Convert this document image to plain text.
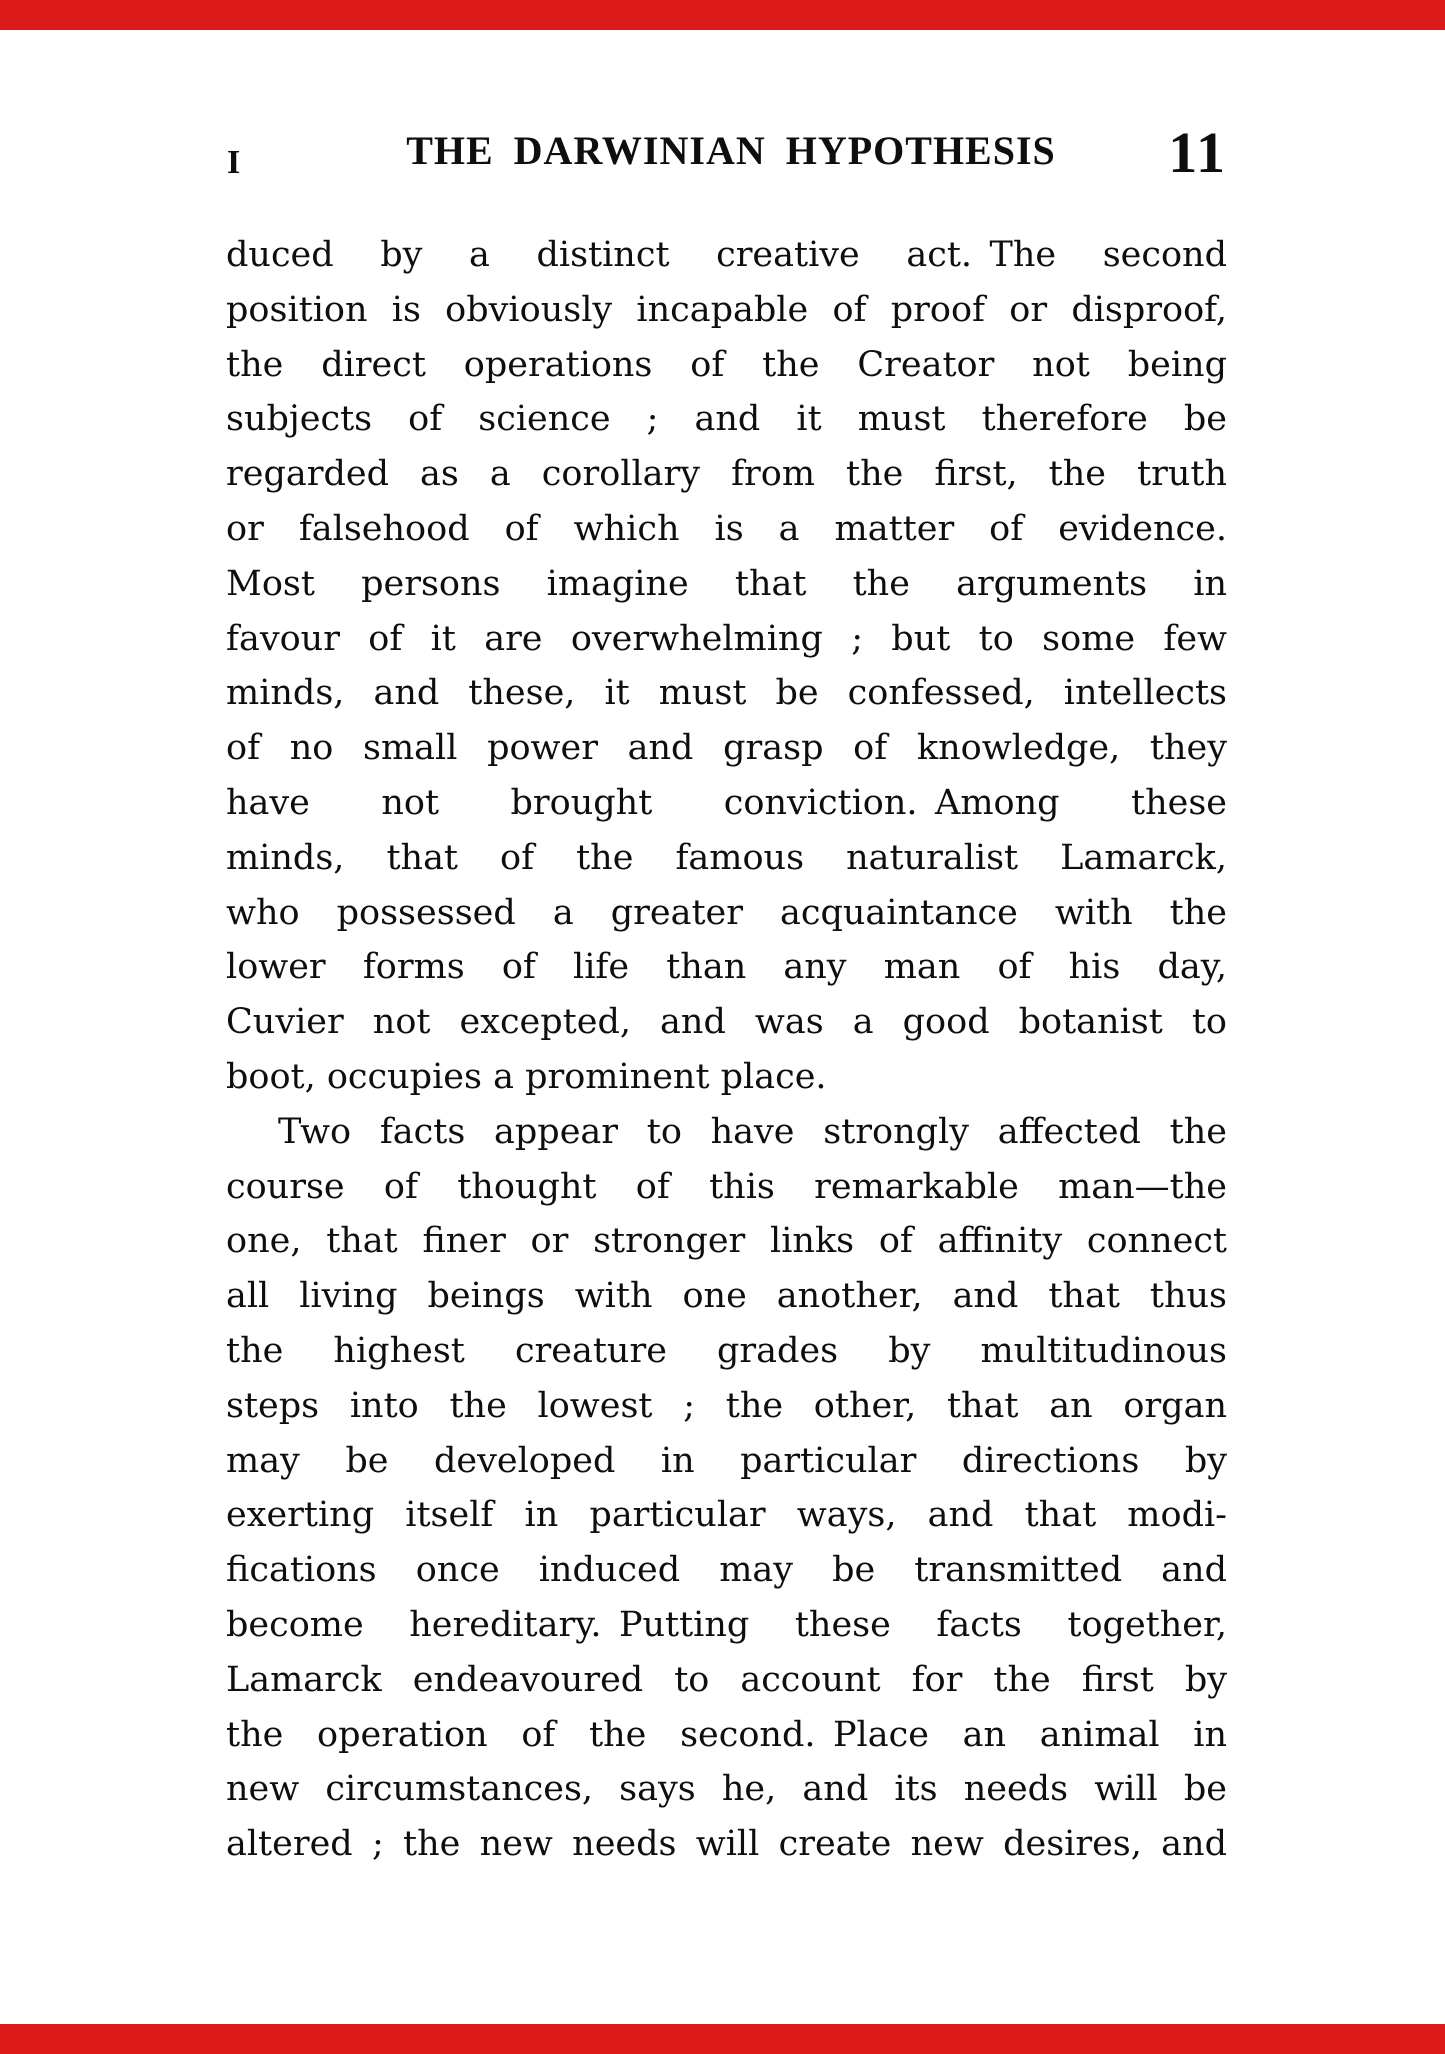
I	THE DARWINIAN HYPOTHESIS 11
duced by a distinct creative act. The second
position is obviously incapable of proof or disproof,
the direct operations of the Creator not being
subjects of science ; and it must therefore be
regarded as a corollary from the first, the truth
or falsehood of which is a matter of evidence.
Most persons imagine that the arguments in
favour of it are overwhelming ; but to some few
minds, and these, it must be confessed, intellects
of no small power and grasp of knowledge, they
have not brought conviction. Among these
minds, that of the famous naturalist Lamarck,
who possessed a greater acquaintance with the
lower forms of life than any man of his day,
Cuvier not excepted, and was a good botanist to
boot, occupies a prominent place.
Two facts appear to have strongly affected the
course of thought of this remarkable man—the
one, that finer or stronger links of affinity connect
all living beings with one another, and that thus
the highest creature grades by multitudinous
steps into the lowest ; the other, that an organ
may be developed in particular directions by
exerting itself in particular ways, and that modi-
fications once induced may be transmitted and
become hereditary. Putting these facts together,
Lamarck endeavoured to account for the first by
the operation of the second. Place an animal in
new circumstances, says he, and its needs will be
altered ; the new needs will create new desires, and
